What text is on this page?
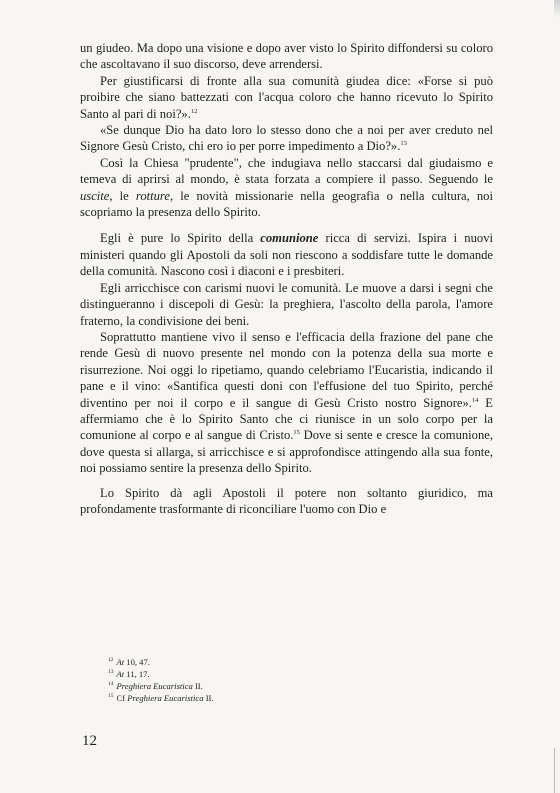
un giudeo. Ma dopo una visione e dopo aver visto lo Spirito diffondersi su coloro che ascoltavano il suo discorso, deve arrendersi.

Per giustificarsi di fronte alla sua comunità giudea dice: «Forse si può proibire che siano battezzati con l'acqua coloro che hanno ricevuto lo Spirito Santo al pari di noi?».$^{12}$

«Se dunque Dio ha dato loro lo stesso dono che a noi per aver creduto nel Signore Gesù Cristo, chi ero io per porre impedimento a Dio?».$^{13}$

Così la Chiesa "prudente", che indugiava nello staccarsi dal giudaismo e temeva di aprirsi al mondo, è stata forzata a compiere il passo. Seguendo le uscite, le rotture, le novità missionarie nella geografia o nella cultura, noi scopriamo la presenza dello Spirito.

Egli è pure lo Spirito della comunione ricca di servizi. Ispira i nuovi ministeri quando gli Apostoli da soli non riescono a soddisfare tutte le domande della comunità. Nascono così i diaconi e i presbiteri.

Egli arricchisce con carismi nuovi le comunità. Le muove a darsi i segni che distingueranno i discepoli di Gesù: la preghiera, l'ascolto della parola, l'amore fraterno, la condivisione dei beni.

Soprattutto mantiene vivo il senso e l'efficacia della frazione del pane che rende Gesù di nuovo presente nel mondo con la potenza della sua morte e risurrezione. Noi oggi lo ripetiamo, quando celebriamo l'Eucaristia, indicando il pane e il vino: «Santifica questi doni con l'effusione del tuo Spirito, perché diventino per noi il corpo e il sangue di Gesù Cristo nostro Signore».$^{14}$ E affermiamo che è lo Spirito Santo che ci riunisce in un solo corpo per la comunione al corpo e al sangue di Cristo.$^{15}$ Dove si sente e cresce la comunione, dove questa si allarga, si arricchisce e si approfondisce attingendo alla sua fonte, noi possiamo sentire la presenza dello Spirito.

Lo Spirito dà agli Apostoli il potere non soltanto giuridico, ma profondamente trasformante di riconciliare l'uomo con Dio e

$^{12}$ At 10, 47.
$^{13}$ At 11, 17.
$^{14}$ Preghiera Eucaristica II.
$^{15}$ Cf Preghiera Eucaristica II.
12
